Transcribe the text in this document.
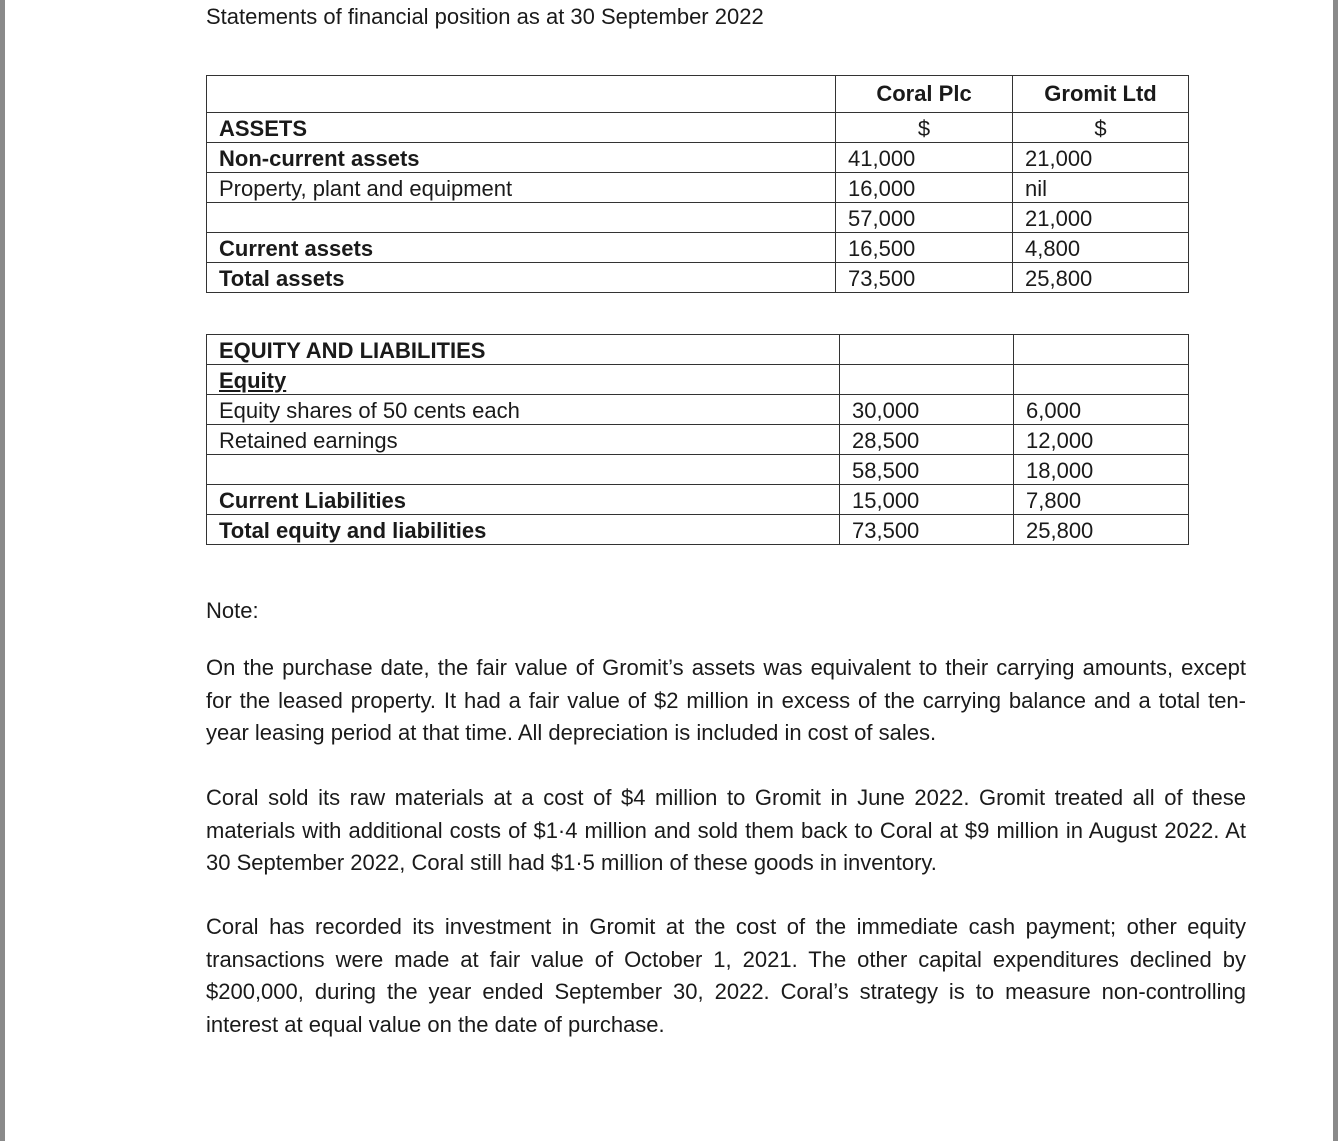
Statements of financial position as at 30 September 2022
	Coral Plc	Gromit Ltd
ASSETS	$	$
Non-current assets	41,000	21,000
Property, plant and equipment	16,000	nil
	57,000	21,000
Current assets	16,500	4,800
Total assets	73,500	25,800
EQUITY AND LIABILITIES		
Equity		
Equity shares of 50 cents each	30,000	6,000
Retained earnings	28,500	12,000
	58,500	18,000
Current Liabilities	15,000	7,800
Total equity and liabilities	73,500	25,800

Note:

On the purchase date, the fair value of Gromit’s assets was equivalent to their carrying amounts, except for the leased property. It had a fair value of $2 million in excess of the carrying balance and a total ten-year leasing period at that time. All depreciation is included in cost of sales.

Coral sold its raw materials at a cost of $4 million to Gromit in June 2022. Gromit treated all of these materials with additional costs of $1·4 million and sold them back to Coral at $9 million in August 2022. At 30 September 2022, Coral still had $1·5 million of these goods in inventory.

Coral has recorded its investment in Gromit at the cost of the immediate cash payment; other equity transactions were made at fair value of October 1, 2021. The other capital expenditures declined by $200,000, during the year ended September 30, 2022. Coral’s strategy is to measure non-controlling interest at equal value on the date of purchase.
